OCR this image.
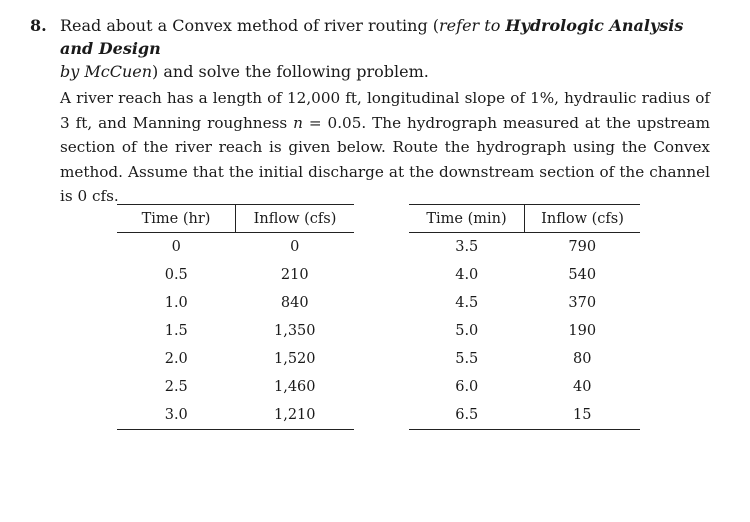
8. Read about a Convex method of river routing (refer to Hydrologic Analysis and Design
by McCuen) and solve the following problem.
A river reach has a length of 12,000 ft, longitudinal slope of 1%, hydraulic radius of 3 ft, and Manning roughness n = 0.05. The hydrograph measured at the upstream section of the river reach is given below. Route the hydrograph using the Convex method. Assume that the initial discharge at the downstream section of the channel is 0 cfs.
Time (hr)	Inflow (cfs)
0	0
0.5	210
1.0	840
1.5	1,350
2.0	1,520
2.5	1,460
3.0	1,210
Time (min)	Inflow (cfs)
3.5	790
4.0	540
4.5	370
5.0	190
5.5	80
6.0	40
6.5	15
